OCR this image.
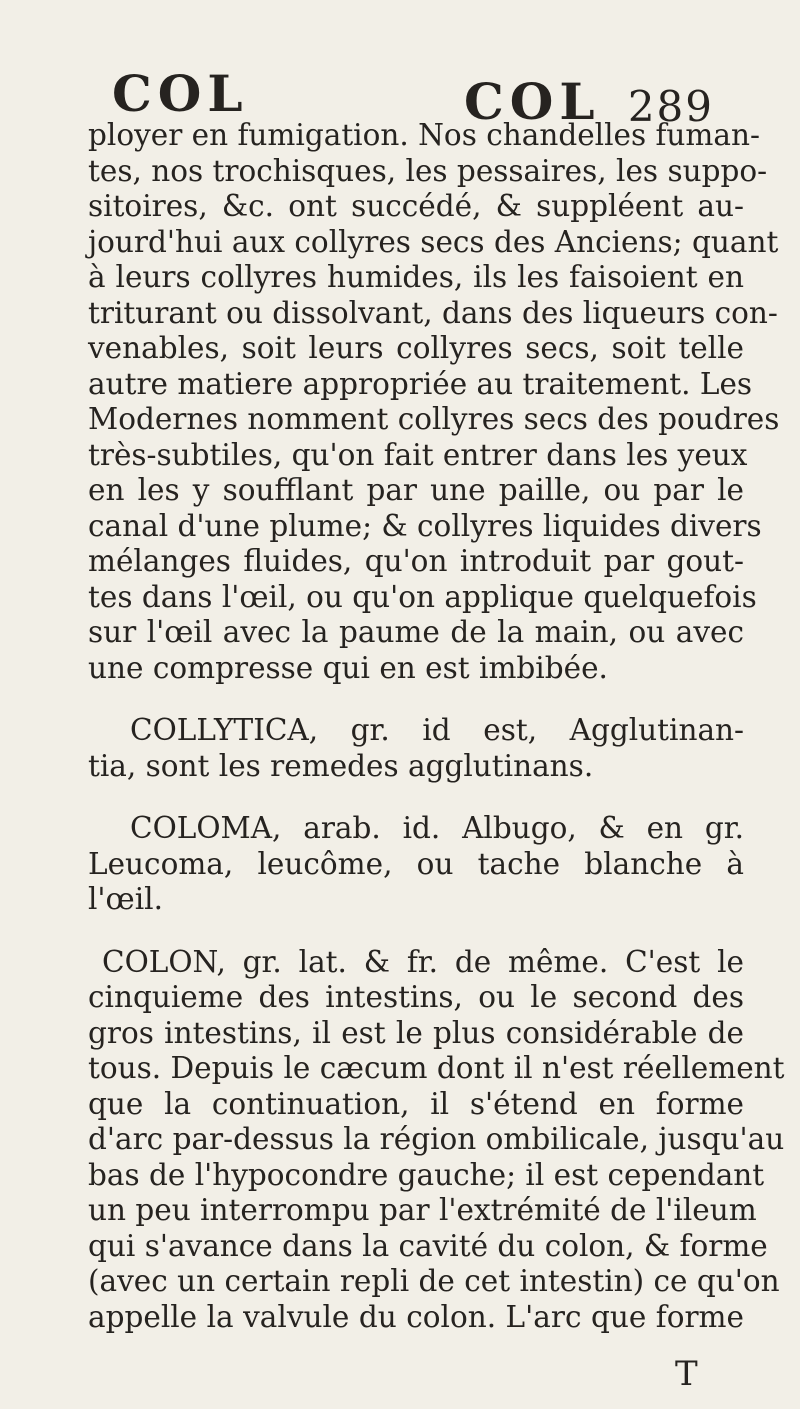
COL	COL 289
ployer en fumigation. Nos chandelles fuman-
tes, nos trochisques, les pessaires, les suppo-
sitoires, &c. ont succédé, & suppléent au-
jourd'hui aux collyres secs des Anciens; quant
à leurs collyres humides, ils les faisoient en
triturant ou dissolvant, dans des liqueurs con-
venables, soit leurs collyres secs, soit telle
autre matiere appropriée au traitement. Les
Modernes nomment collyres secs des poudres
très-subtiles, qu'on fait entrer dans les yeux
en les y soufflant par une paille, ou par le
canal d'une plume; & collyres liquides divers
mélanges fluides, qu'on introduit par gout-
tes dans l'œil, ou qu'on applique quelquefois
sur l'œil avec la paume de la main, ou avec
une compresse qui en est imbibée.
COLLYTICA, gr. id est, Agglutinan-
tia, sont les remedes agglutinans.
COLOMA, arab. id. Albugo, & en gr.
Leucoma, leucôme, ou tache blanche à
l'œil.
COLON, gr. lat. & fr. de même. C'est le
cinquieme des intestins, ou le second des
gros intestins, il est le plus considérable de
tous. Depuis le cæcum dont il n'est réellement
que la continuation, il s'étend en forme
d'arc par-dessus la région ombilicale, jusqu'au
bas de l'hypocondre gauche; il est cependant
un peu interrompu par l'extrémité de l'ileum
qui s'avance dans la cavité du colon, & forme
(avec un certain repli de cet intestin) ce qu'on
appelle la valvule du colon. L'arc que forme
T
